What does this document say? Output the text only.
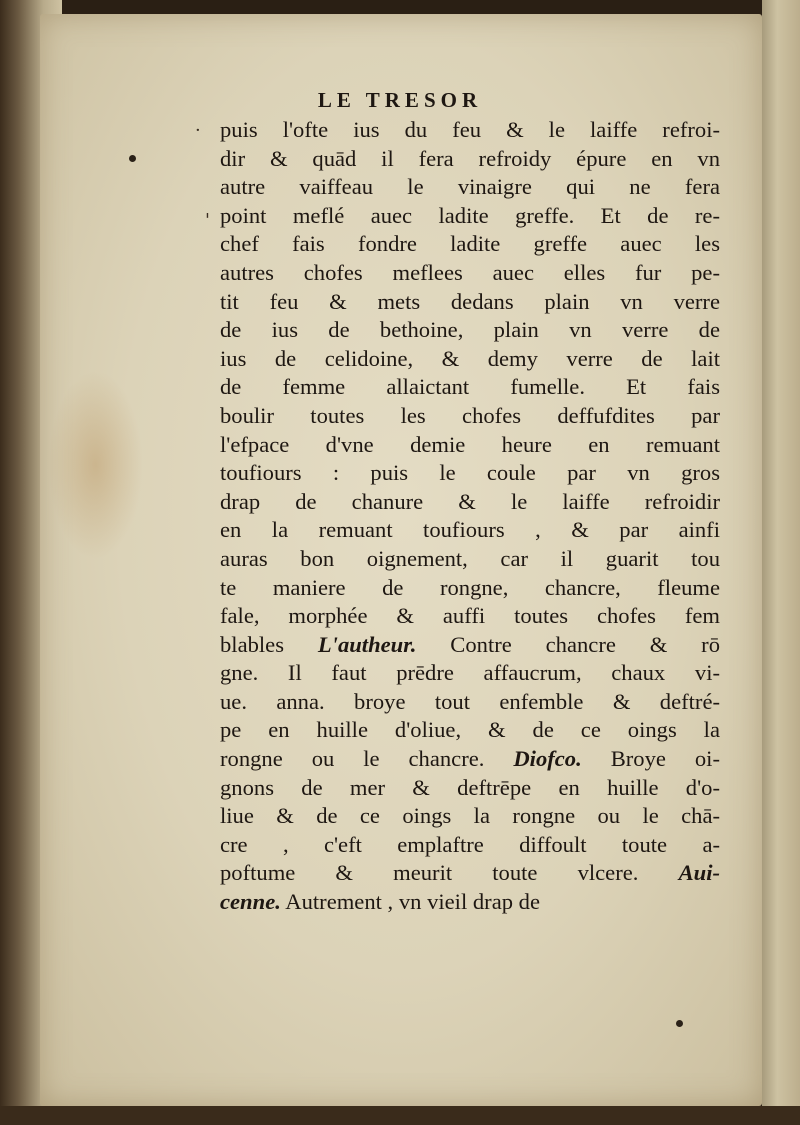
·
'
LE TRESOR
puis l'ofte ius du feu & le laiffe refroi-
dir & quād il fera refroidy épure en vn
autre vaiffeau le vinaigre qui ne fera
point meflé auec ladite greffe. Et de re-
chef fais fondre ladite greffe auec les
autres chofes meflees auec elles fur pe-
tit feu & mets dedans plain vn verre
de ius de bethoine, plain vn verre de
ius de celidoine, & demy verre de lait
de femme allaictant fumelle. Et fais
boulir toutes les chofes deffufdites par
l'efpace d'vne demie heure en remuant
toufiours : puis le coule par vn gros
drap de chanure & le laiffe refroidir
en la remuant toufiours , & par ainfi
auras bon oignement, car il guarit tou
te maniere de rongne, chancre, fleume
fale, morphée & auffi toutes chofes fem
blables L'autheur. Contre chancre & rō
gne. Il faut prēdre affaucrum, chaux vi-
ue. anna. broye tout enfemble & deftré-
pe en huille d'oliue, & de ce oings la
rongne ou le chancre. Diofco. Broye oi-
gnons de mer & deftrēpe en huille d'o-
liue & de ce oings la rongne ou le chā-
cre , c'eft emplaftre diffoult toute a-
poftume & meurit toute vlcere. Aui-
cenne. Autrement , vn vieil drap de
